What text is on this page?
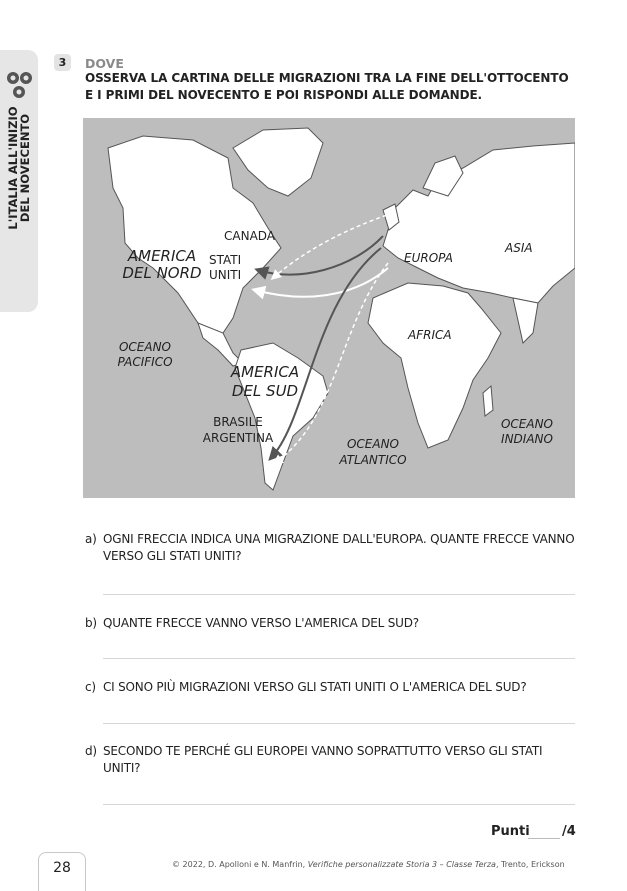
L'ITALIA ALL'INIZIO
DEL NOVECENTO
3	DOVE
OSSERVA LA CARTINA DELLE MIGRAZIONI TRA LA FINE DELL'OTTOCENTO E I PRIMI DEL NOVECENTO E POI RISPONDI ALLE DOMANDE.
CANADA
AMERICA
DEL NORD
STATI
UNITI
EUROPA
ASIA
AFRICA
OCEANO
PACIFICO
AMERICA
DEL SUD
BRASILE
ARGENTINA	OCEANO
ATLANTICO
OCEANO
INDIANO
a) OGNI FRECCIA INDICA UNA MIGRAZIONE DALL'EUROPA. QUANTE FRECCE VANNO VERSO GLI STATI UNITI?
b) QUANTE FRECCE VANNO VERSO L'AMERICA DEL SUD?
c) CI SONO PIÙ MIGRAZIONI VERSO GLI STATI UNITI O L'AMERICA DEL SUD?
d) SECONDO TE PERCHÉ GLI EUROPEI VANNO SOPRATTUTTO VERSO GLI STATI UNITI?
Punti /4
28	© 2022, D. Apolloni e N. Manfrin, Verifiche personalizzate Storia 3 – Classe Terza, Trento, Erickson
